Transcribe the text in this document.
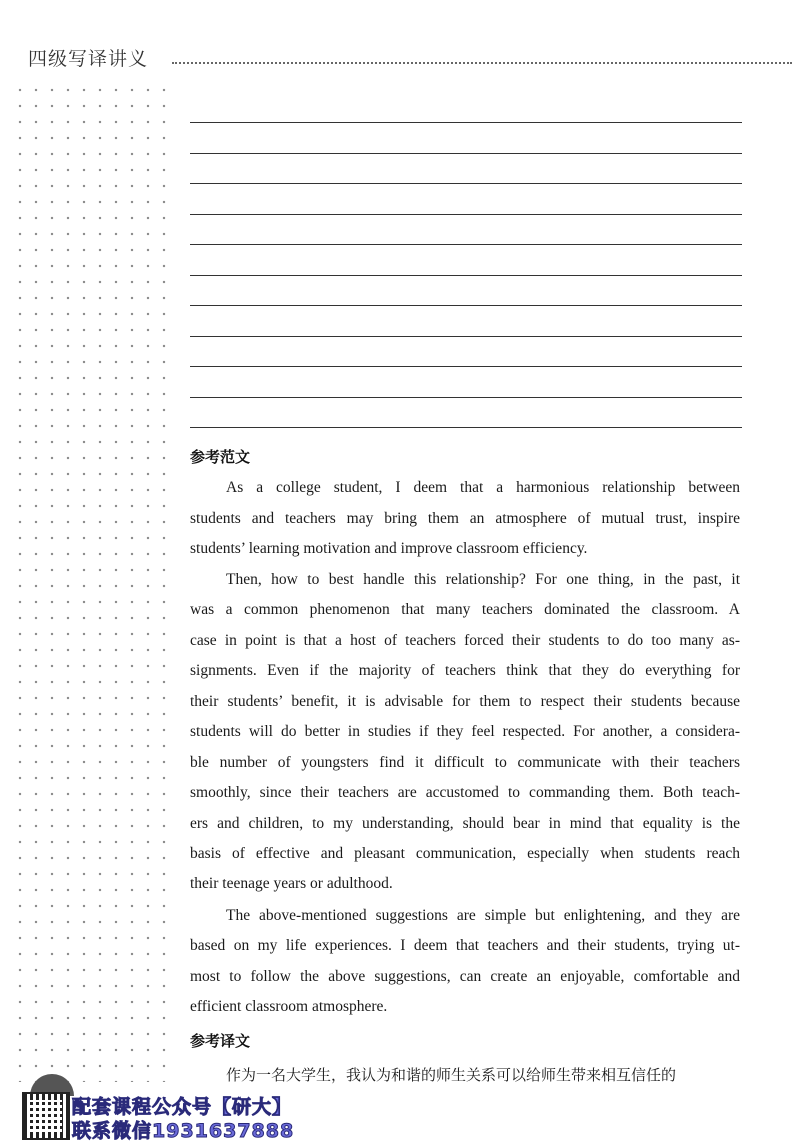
四级写译讲义
参考范文
As a college student, I deem that a harmonious relationship between
students and teachers may bring them an atmosphere of mutual trust, inspire
students’ learning motivation and improve classroom efficiency.
Then, how to best handle this relationship? For one thing, in the past, it
was a common phenomenon that many teachers dominated the classroom. A
case in point is that a host of teachers forced their students to do too many as-
signments. Even if the majority of teachers think that they do everything for
their students’ benefit, it is advisable for them to respect their students because
students will do better in studies if they feel respected. For another, a considera-
ble number of youngsters find it difficult to communicate with their teachers
smoothly, since their teachers are accustomed to commanding them. Both teach-
ers and children, to my understanding, should bear in mind that equality is the
basis of effective and pleasant communication, especially when students reach
their teenage years or adulthood.
The above-mentioned suggestions are simple but enlightening, and they are
based on my life experiences. I deem that teachers and their students, trying ut-
most to follow the above suggestions, can create an enjoyable, comfortable and
efficient classroom atmosphere.
参考译文
作为一名大学生，我认为和谐的师生关系可以给师生带来相互信任的
配套课程公众号【研大】
联系微信1931637888
